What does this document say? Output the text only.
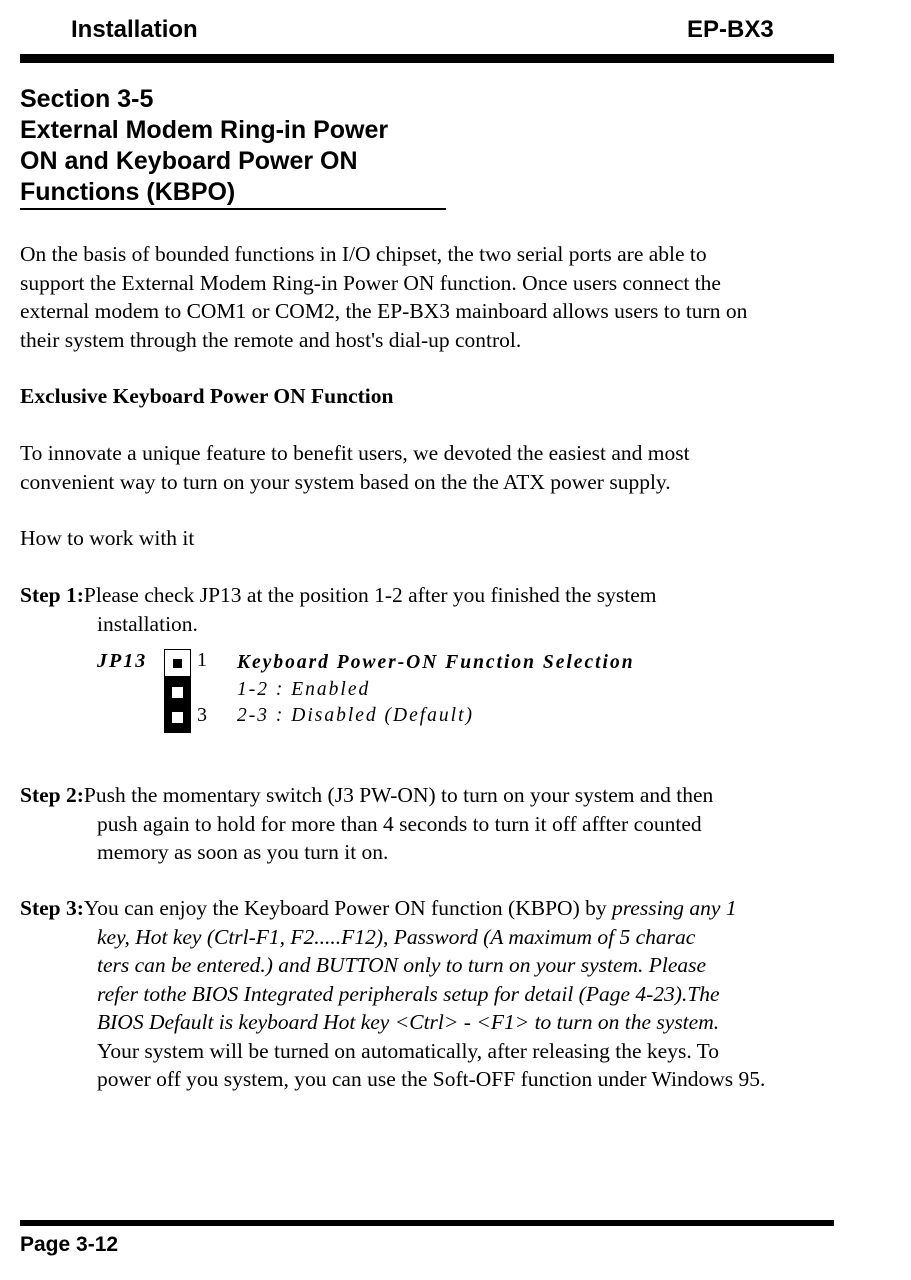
Installation	EP-BX3
Section 3-5
External Modem Ring-in Power
ON and Keyboard Power ON
Functions (KBPO)
On the basis of bounded functions in I/O chipset, the two serial ports are able to
support the External Modem Ring-in Power ON function. Once users connect the
external modem to COM1 or COM2, the EP-BX3 mainboard allows users to turn on
their system through the remote and host's dial-up control.
Exclusive Keyboard Power ON Function
To innovate a unique feature to benefit users, we devoted the easiest and most
convenient way to turn on your system based on the the ATX power supply.
How to work with it
Step 1:Please check JP13 at the position 1-2 after you finished the system
installation.
JP13 1
3
Keyboard Power-ON Function Selection
1-2 : Enabled
2-3 : Disabled (Default)
Step 2:Push the momentary switch (J3 PW-ON) to turn on your system and then
push again to hold for more than 4 seconds to turn it off affter counted
memory as soon as you turn it on.
Step 3:You can enjoy the Keyboard Power ON function (KBPO) by pressing any 1
key, Hot key (Ctrl-F1, F2.....F12), Password (A maximum of 5 charac
ters can be entered.) and BUTTON only to turn on your system. Please
refer tothe BIOS Integrated peripherals setup for detail (Page 4-23).The
BIOS Default is keyboard Hot key <Ctrl> - <F1> to turn on the system.
Your system will be turned on automatically, after releasing the keys. To
power off you system, you can use the Soft-OFF function under Windows 95.
Page 3-12
